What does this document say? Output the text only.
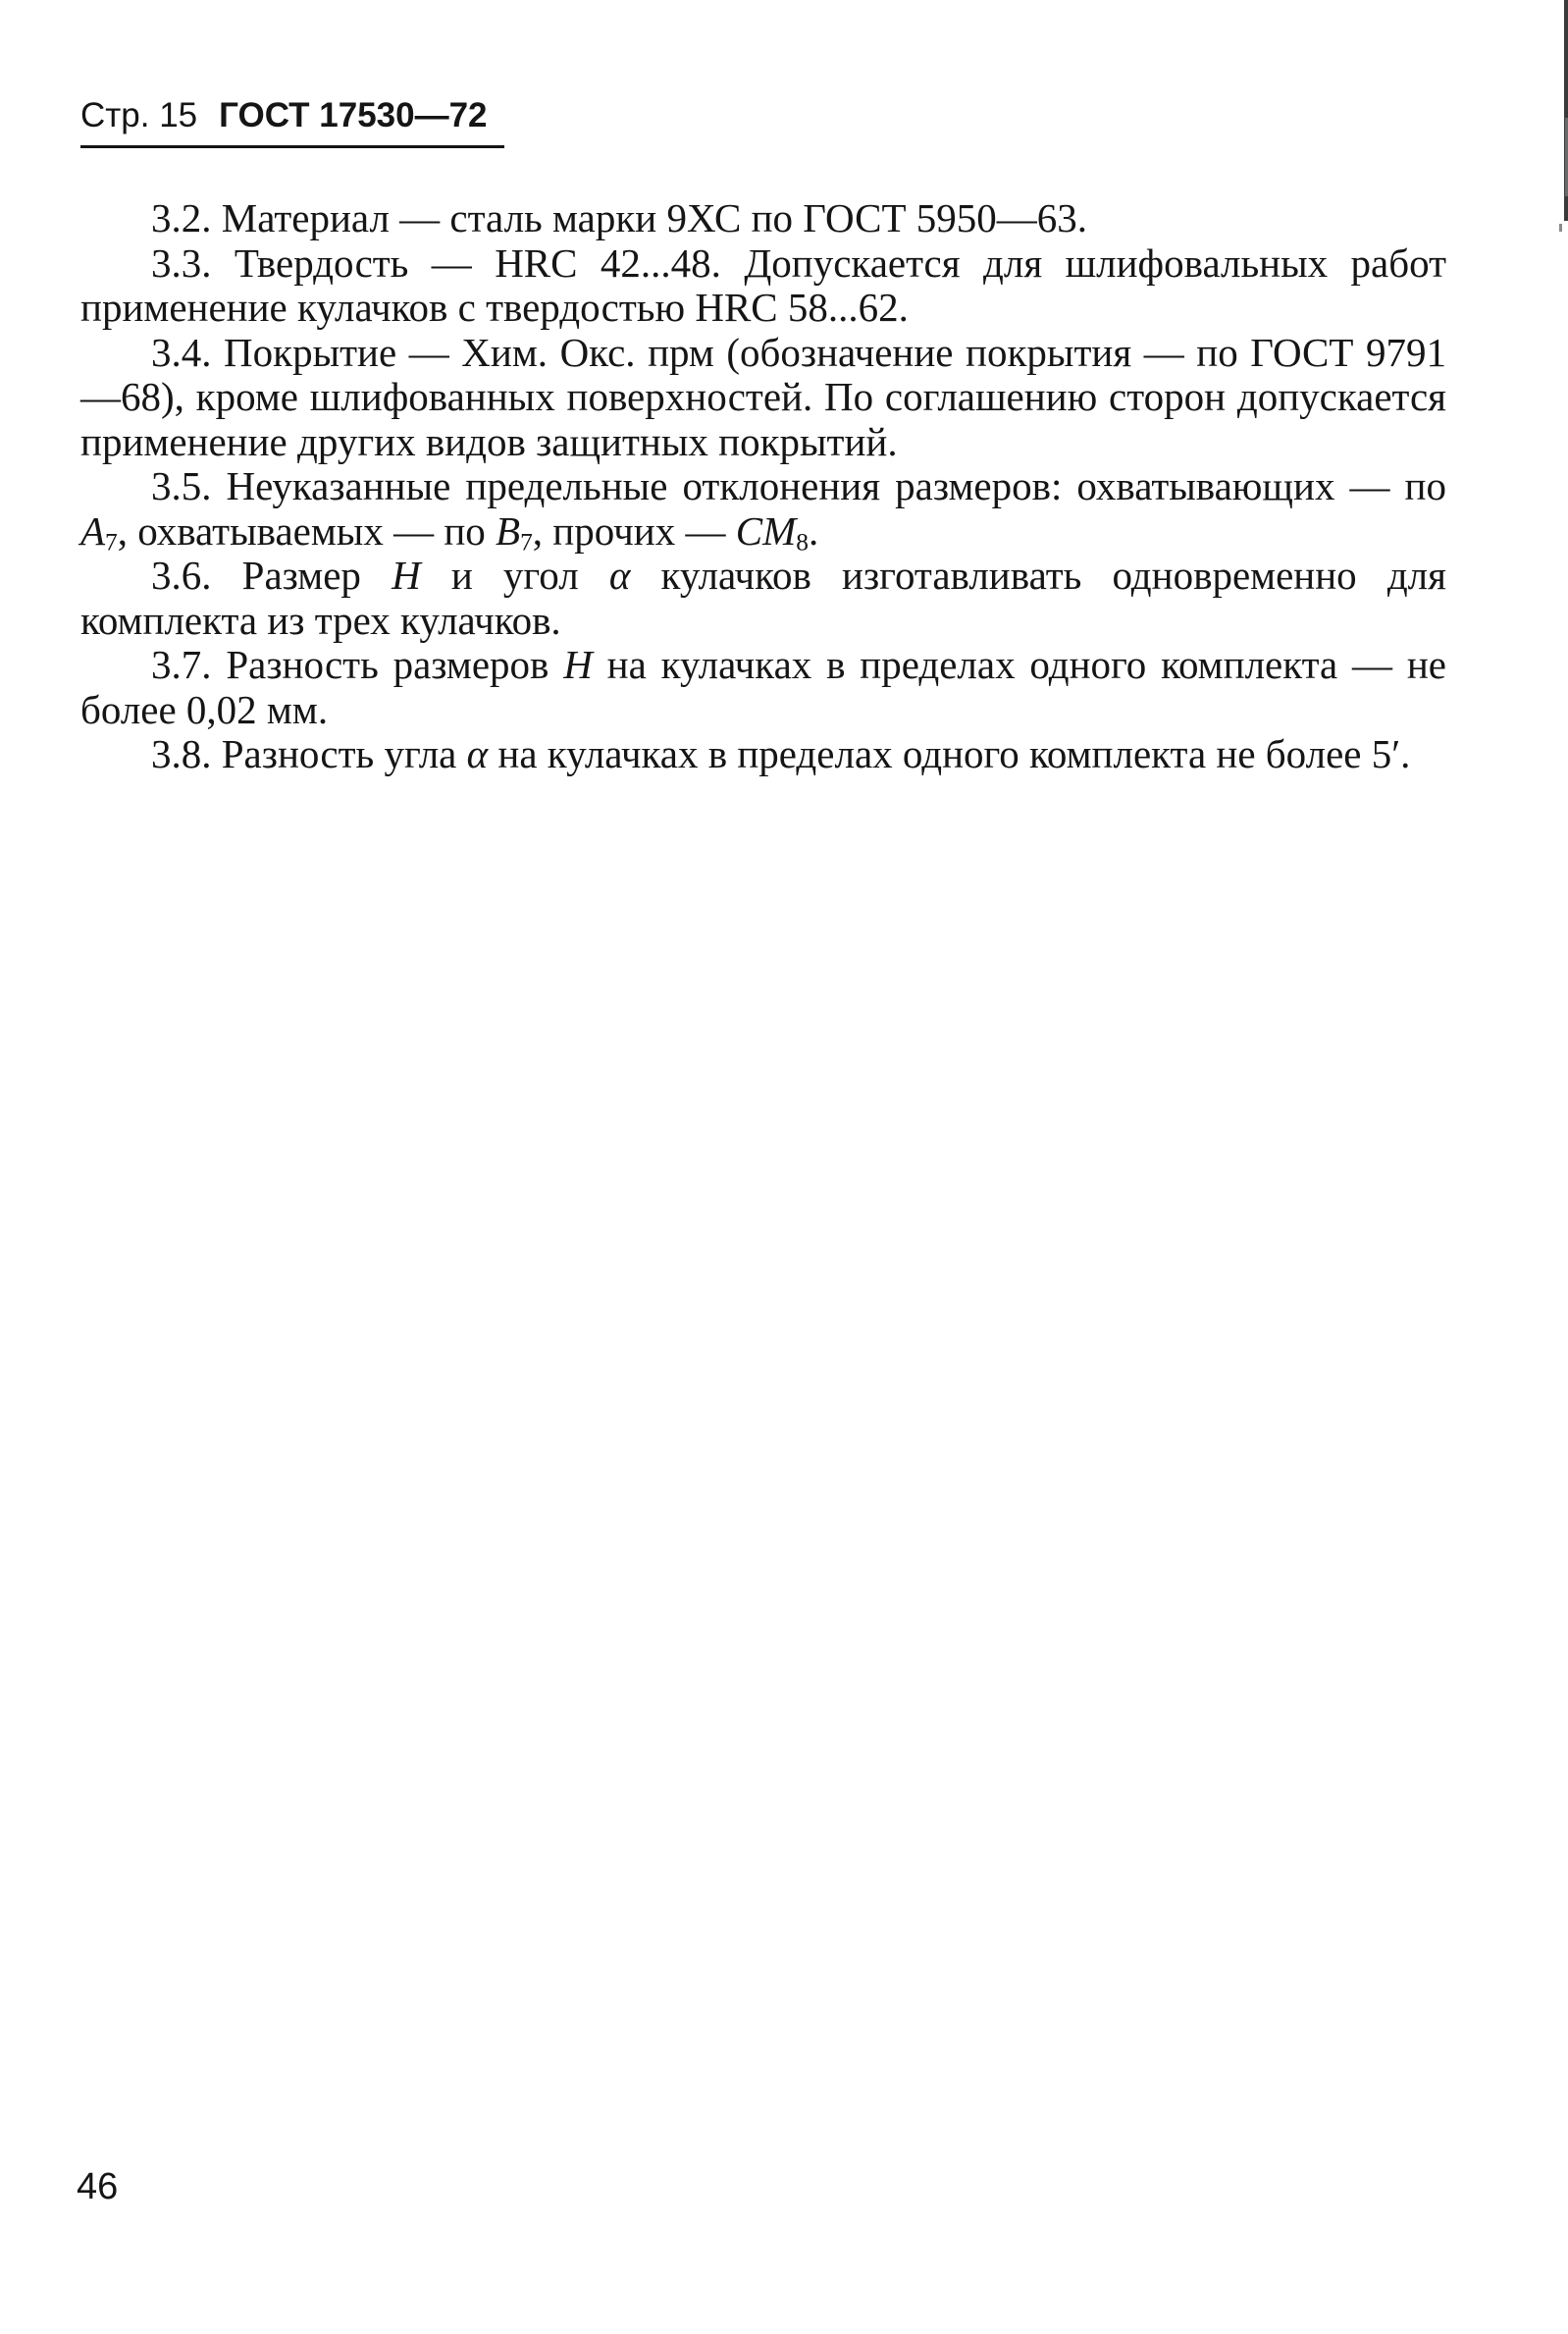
Стр. 15 ГОСТ 17530—72

3.2. Материал — сталь марки 9ХС по ГОСТ 5950—63.

3.3. Твердость — HRC 42...48. Допускается для шлифовальных работ применение кулачков с твердостью HRC 58...62.

3.4. Покрытие — Хим. Окс. прм (обозначение покрытия — по ГОСТ 9791—68), кроме шлифованных поверхностей. По соглашению сторон допускается применение других видов защитных покрытий.

3.5. Неуказанные предельные отклонения размеров: охватывающих — по $A_7$, охватываемых — по $B_7$, прочих — $CM_8$.

3.6. Размер H и угол α кулачков изготавливать одновременно для комплекта из трех кулачков.

3.7. Разность размеров H на кулачках в пределах одного комплекта — не более 0,02 мм.

3.8. Разность угла α на кулачках в пределах одного комплекта не более 5′.

46
